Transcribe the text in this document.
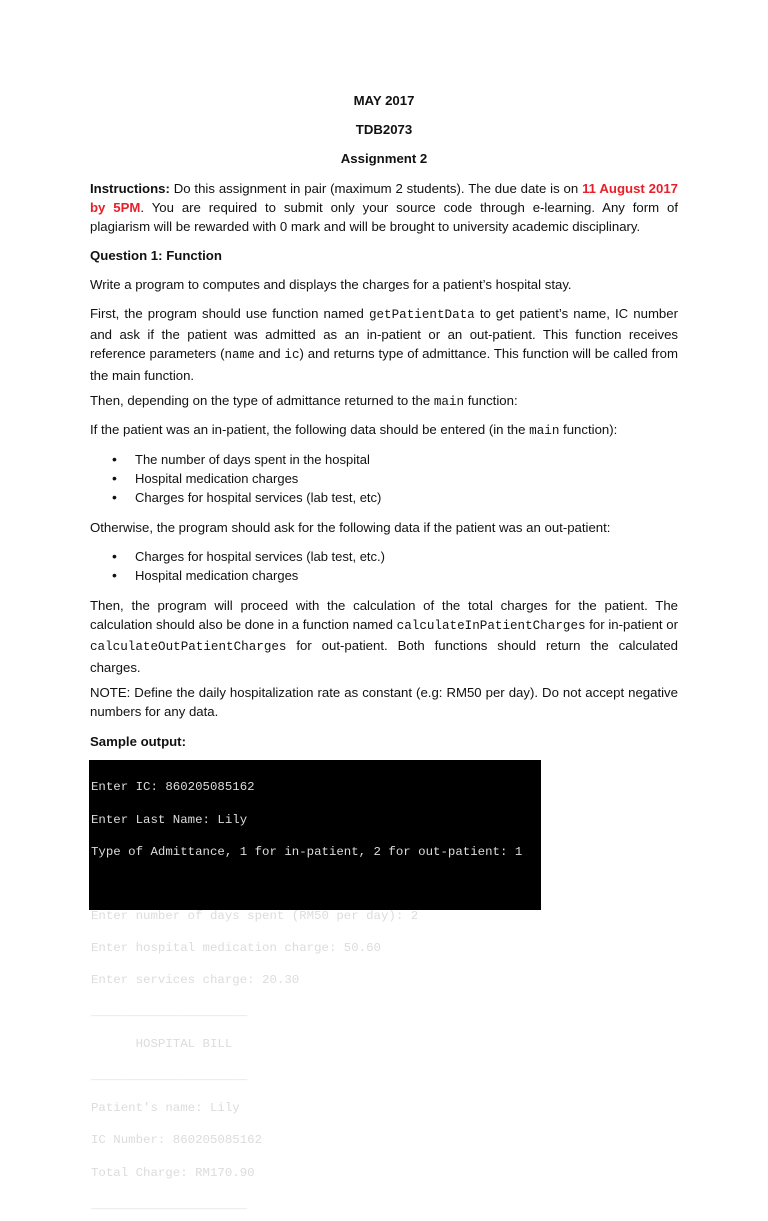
MAY 2017
TDB2073
Assignment 2
Instructions: Do this assignment in pair (maximum 2 students). The due date is on 11 August 2017 by 5PM. You are required to submit only your source code through e-learning. Any form of plagiarism will be rewarded with 0 mark and will be brought to university academic disciplinary.
Question 1: Function
Write a program to computes and displays the charges for a patient’s hospital stay.
First, the program should use function named getPatientData to get patient’s name, IC number and ask if the patient was admitted as an in-patient or an out-patient. This function receives reference parameters (name and ic) and returns type of admittance. This function will be called from the main function.
Then, depending on the type of admittance returned to the main function:
If the patient was an in-patient, the following data should be entered (in the main function):
• The number of days spent in the hospital
• Hospital medication charges
• Charges for hospital services (lab test, etc)
Otherwise, the program should ask for the following data if the patient was an out-patient:
• Charges for hospital services (lab test, etc.)
• Hospital medication charges
Then, the program will proceed with the calculation of the total charges for the patient. The calculation should also be done in a function named calculateInPatientCharges for in-patient or calculateOutPatientCharges for out-patient. Both functions should return the calculated charges.
NOTE: Define the daily hospitalization rate as constant (e.g: RM50 per day). Do not accept negative numbers for any data.
Sample output:

Enter IC: 860205085162

Enter Last Name: Lily

Type of Admittance, 1 for in-patient, 2 for out-patient: 1

Enter number of days spent (RM50 per day): 2

Enter hospital medication charge: 50.60

Enter services charge: 20.30

_____________________

HOSPITAL BILL

_____________________

Patient's name: Lily

IC Number: 860205085162

Total Charge: RM170.90

_____________________
